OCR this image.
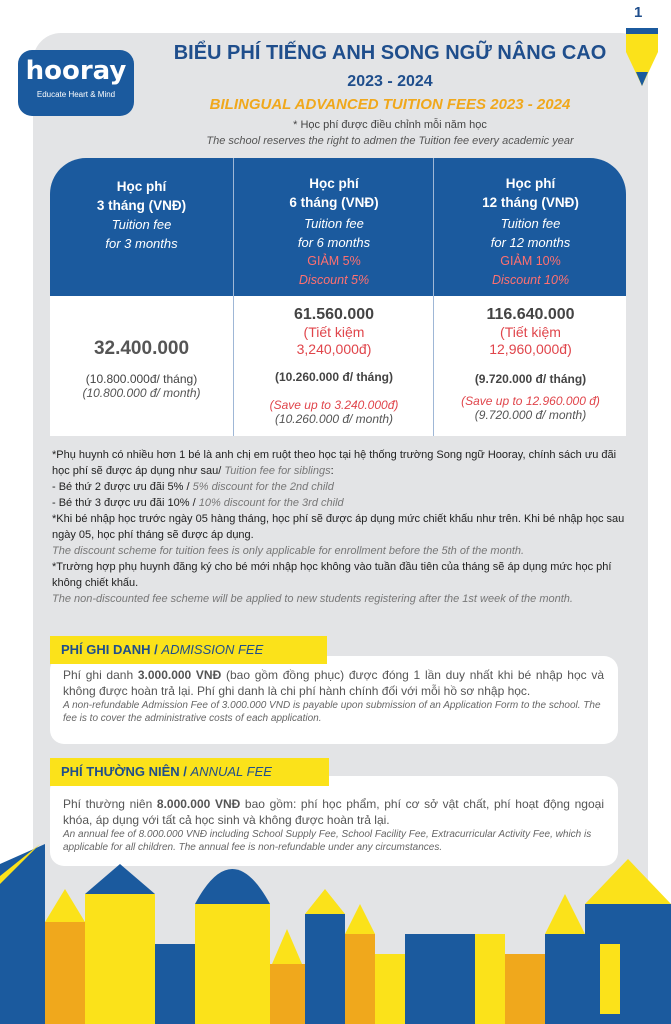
1
hooray
Educate Heart & Mind
BIỂU PHÍ TIẾNG ANH SONG NGỮ NÂNG CAO
2023 - 2024
BILINGUAL ADVANCED TUITION FEES 2023 - 2024
* Học phí được điều chỉnh mỗi năm học
The school reserves the right to admen the Tuition fee every academic year
Học phí
3 tháng (VNĐ)
Tuition fee
for 3 months
32.400.000
(10.800.000đ/ tháng)
(10.800.000 đ/ month)
Học phí
6 tháng (VNĐ)
Tuition fee
for 6 months
GIẢM 5%
Discount 5%
61.560.000
(Tiết kiệm
3,240,000đ)
(10.260.000 đ/ tháng)
(Save up to 3.240.000đ)
(10.260.000 đ/ month)
Học phí
12 tháng (VNĐ)
Tuition fee
for 12 months
GIẢM 10%
Discount 10%
116.640.000
(Tiết kiệm
12,960,000đ)
(9.720.000 đ/ tháng)
(Save up to 12.960.000 đ)
(9.720.000 đ/ month)
*Phụ huynh có nhiều hơn 1 bé là anh chị em ruột theo học tại hệ thống trường Song ngữ Hooray, chính sách ưu đãi học phí sẽ được áp dụng như sau/ Tuition fee for siblings:
- Bé thứ 2 được ưu đãi 5% / 5% discount for the 2nd child
- Bé thứ 3 được ưu đãi 10% / 10% discount for the 3rd child
*Khi bé nhập học trước ngày 05 hàng tháng, học phí sẽ được áp dụng mức chiết khấu như trên. Khi bé nhập học sau ngày 05, học phí tháng sẽ được áp dụng.
The discount scheme for tuition fees is only applicable for enrollment before the 5th of the month.
*Trường hợp phụ huynh đăng ký cho bé mới nhập học không vào tuần đầu tiên của tháng sẽ áp dụng mức học phí không chiết khấu.
The non-discounted fee scheme will be applied to new students registering after the 1st week of the month.
Phí ghi danh 3.000.000 VNĐ (bao gồm đồng phục) được đóng 1 lần duy nhất khi bé nhập học và không được hoàn trả lại. Phí ghi danh là chi phí hành chính đối với mỗi hồ sơ nhập học.
A non-refundable Admission Fee of 3.000.000 VND is payable upon submission of an Application Form to the school. The fee is to cover the administrative costs of each application.
PHÍ GHI DANH / ADMISSION FEE
Phí thường niên 8.000.000 VNĐ bao gồm: phí học phẩm, phí cơ sở vật chất, phí hoạt động ngoại khóa, áp dụng với tất cả học sinh và không được hoàn trả lại.
An annual fee of 8.000.000 VNĐ including School Supply Fee, School Facility Fee, Extracurricular Activity Fee, which is applicable for all children. The annual fee is non-refundable under any circumstances.
PHÍ THƯỜNG NIÊN / ANNUAL FEE
